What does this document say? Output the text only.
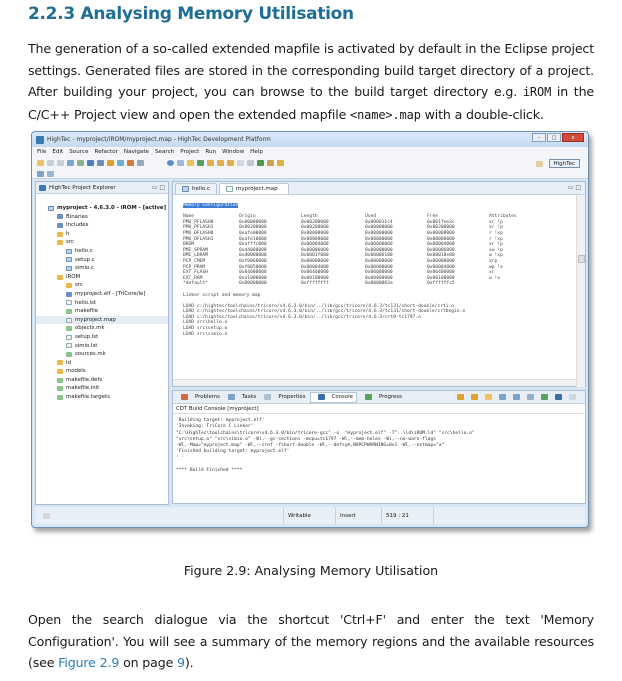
2.2.3 Analysing Memory Utilisation

The generation of a so-called extended mapfile is activated by default in the Eclipse project settings. Generated files are stored in the corresponding build target directory of a project. After building your project, you can browse to the build target directory e.g. iROM in the C/C++ Project view and open the extended mapfile <name>.map with a double-click.

HighTec - myproject/iROM/myproject.map - HighTec Development Platform	–	□	x
File Edit Source Refactor Navigate Search Project Run Window Help
HighTec
HighTec Project Explorer	▭ □
myproject - 4.6.3.0 - iROM - [active]
Binaries
Includes
h
src
hello.c
setup.c
simio.c
iROM
src
myproject.elf - [TriCore/le]
hello.lst
makefile
myproject.map
objects.mk
setup.lst
simio.lst
sources.mk
ld
models
makefile.defs
makefile.init
makefile.targets
hello.c	myproject.map	▭ □
Memory Configuration

Name	Origin	Length	Used	Free	Attributes
PMU_PFLASH0	0x80000000	0x00200000	0x000011c4	0x001fee3c	xr !p
PMU_PFLASH1	0x80200000	0x00200000	0x00000000	0x00200000	xr !p
PMU_DFLASH0	0xafe00000	0x00008000	0x00000000	0x00008000	r !xp
PMU_DFLASH1	0xafe10000	0x00008000	0x00000000	0x00008000	r !xp
BROM	0xafffc000	0x00004000	0x00000000	0x00004000	xr !p
PMI_SPRAM	0xd4000000	0x00006000	0x00000000	0x00006000	xw !p
DMI_LDRAM	0xd0000000	0x0001f000	0x00006180	0x00018e80	w !xp
PCP_CMEM	0xf0060000	0x00008000	0x00000000	0x00008000	xrp
PCP_PRAM	0xf0050000	0x00004000	0x00000000	0x00004000	wp !x
EXT_FLASH	0x84000000	0x00400000	0x00000000	0x00400000	xr
EXT_RAM	0xa1000000	0x00100000	0x00000000	0x00100000	w !x
*default*	0x00000000	0xffffffff	0x0000003a	0xffffffc5

Linker script and memory map

LOAD c:/hightec/toolchains/tricore/v4.6.3.0/bin/../lib/gcc/tricore/4.6.3/tc131/short-double/crti.o
LOAD c:/hightec/toolchains/tricore/v4.6.3.0/bin/../lib/gcc/tricore/4.6.3/tc131/short-double/crtbegin.o
LOAD c:/hightec/toolchains/tricore/v4.6.3.0/bin/../lib/gcc/tricore/4.6.3/crt0-tc1797.o
LOAD src\hello.o
LOAD src\setup.o
LOAD src\simio.o
Problems	Tasks	Properties	Console	Progress
CDT Build Console [myproject]
'Building target: myproject.elf'
'Invoking: TriCore C Linker'
"C:\HighTec\toolchains\tricore\v4.6.3.0/bin/tricore-gcc" -o  "myproject.elf" -T"..\ld\iROM.ld" "src\hello.o"
"src\setup.o" "src\simio.o" -Wl,--gc-sections -mcpu=tc1797 -Wl,--mem-holes -Wl,--no-warn-flags
-Wl,-Map="myproject.map" -Wl,--cref -fshort-double -Wl,--defsym,NOPCPWARNING=0x1 -Wl,--extmap="a"
'Finished building target: myproject.elf'
' '

**** Build Finished ****
Writable	Insert	519 : 21
Figure 2.9: Analysing Memory Utilisation

Open the search dialogue via the shortcut 'Ctrl+F' and enter the text 'Memory Configuration'. You will see a summary of the memory regions and the available resources (see Figure 2.9 on page 9).
